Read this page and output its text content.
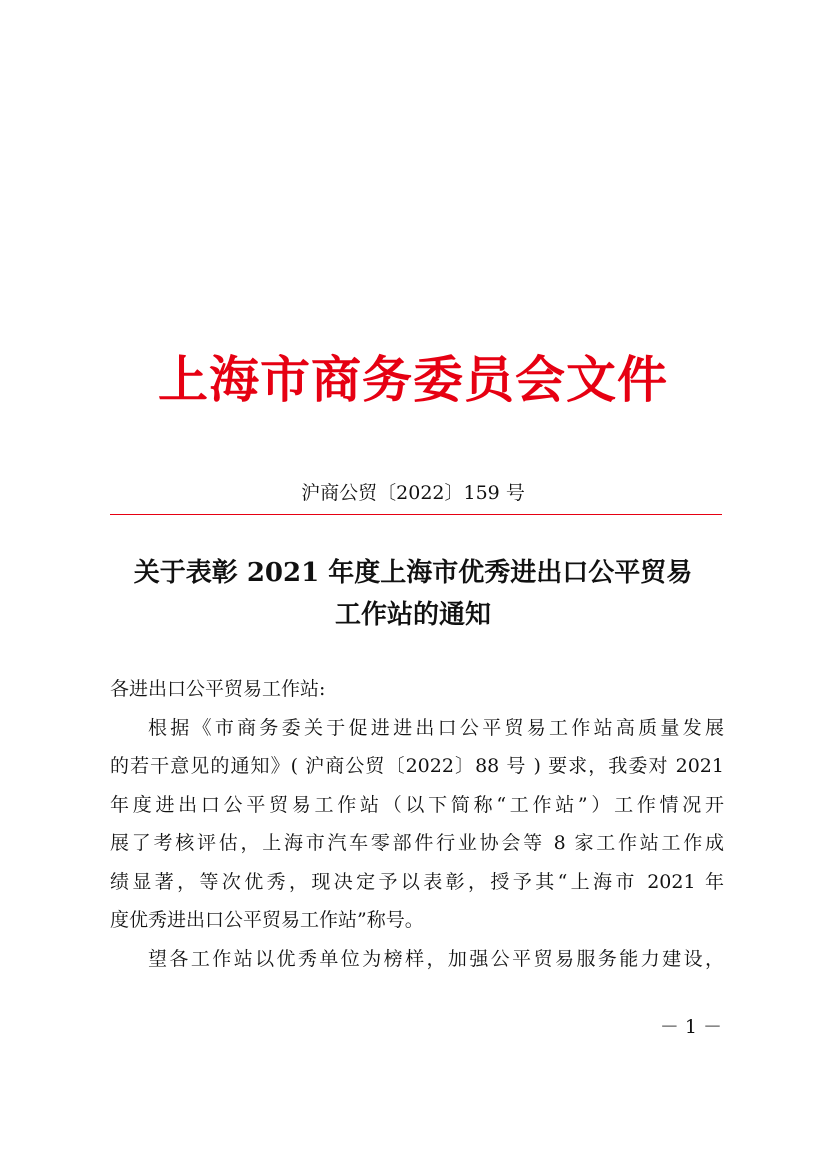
上海市商务委员会文件
沪商公贸〔2022〕159 号
关于表彰 2021 年度上海市优秀进出口公平贸易
工作站的通知

各进出口公平贸易工作站:

根据《市商务委关于促进进出口公平贸易工作站高质量发展
的若干意见的通知》( 沪商公贸〔2022〕88 号 ) 要求，我委对 2021
年度进出口公平贸易工作站（以下简称“工作站”）工作情况开
展了考核评估，上海市汽车零部件行业协会等 8 家工作站工作成
绩显著，等次优秀，现决定予以表彰，授予其“上海市 2021 年
度优秀进出口公平贸易工作站”称号。

望各工作站以优秀单位为榜样，加强公平贸易服务能力建设，

－ 1 －
